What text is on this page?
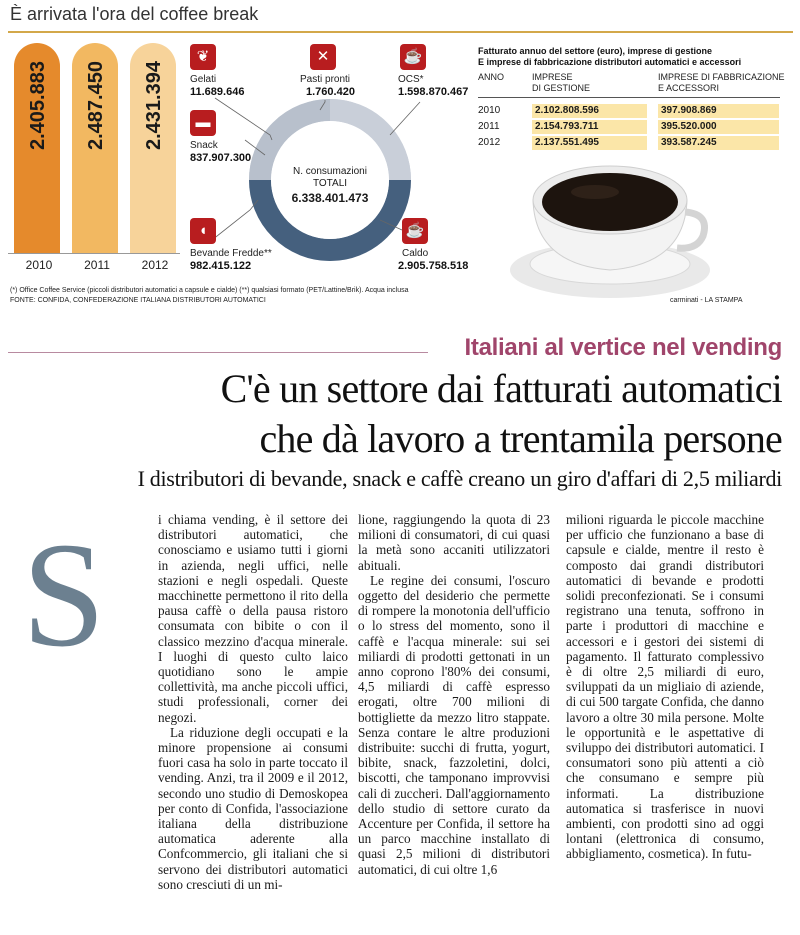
È arrivata l'ora del coffee break
2.405.883 2.487.450 2.431.394
2010	2011	2012
N. consumazioni
TOTALI
6.338.401.473
❦
Gelati
11.689.646
✕
Pasti pronti
1.760.420
☕
OCS*
1.598.870.467
▬
Snack
837.907.300
◖
Bevande Fredde**
982.415.122
☕
Caldo
2.905.758.518
Fatturato annuo del settore (euro), imprese di gestione
E imprese di fabbricazione distributori automatici e accessori
ANNO	IMPRESE
DI GESTIONE
IMPRESE DI FABBRICAZIONE
E ACCESSORI
2010	2.102.808.596	397.908.869
2011	2.154.793.711	395.520.000
2012	2.137.551.495	393.587.245
(*) Office Coffee Service (piccoli distributori automatici a capsule e cialde) (**) qualsiasi formato (PET/Lattine/Brik). Acqua inclusa
FONTE: CONFIDA, CONFEDERAZIONE ITALIANA DISTRIBUTORI AUTOMATICI	carminati - LA STAMPA
Italiani al vertice nel vending
C'è un settore dai fatturati automatici
che dà lavoro a trentamila persone
I distributori di bevande, snack e caffè creano un giro d'affari di 2,5 miliardi
S	i chiama vending, è il settore dei distributori automatici, che conosciamo e usiamo tutti i giorni in azienda, negli uffici, nelle stazioni e negli ospedali. Queste macchinette permettono il rito della pausa caffè o della pausa ristoro consumata con bibite o con il classico mezzino d'acqua minerale. I luoghi di questo culto laico quotidiano sono le ampie collettività, ma anche piccoli uffici, studi professionali, corner dei negozi.

La riduzione degli occupati e la minore propensione ai consumi fuori casa ha solo in parte toccato il vending. Anzi, tra il 2009 e il 2012, secondo uno studio di Demoskopea per conto di Confida, l'associazione italiana della distribuzione automatica aderente alla Confcommercio, gli italiani che si servono dei distributori automatici sono cresciuti di un mi-

lione, raggiungendo la quota di 23 milioni di consumatori, di cui quasi la metà sono accaniti utilizzatori abituali.

Le regine dei consumi, l'oscuro oggetto del desiderio che permette di rompere la monotonia dell'ufficio o lo stress del momento, sono il caffè e l'acqua minerale: sui sei miliardi di prodotti gettonati in un anno coprono l'80% dei consumi, 4,5 miliardi di caffè espresso erogati, oltre 700 milioni di bottigliette da mezzo litro stappate. Senza contare le altre produzioni distribuite: succhi di frutta, yogurt, bibite, snack, fazzoletini, dolci, biscotti, che tamponano improvvisi cali di zuccheri. Dall'aggiornamento dello studio di settore curato da Accenture per Confida, il settore ha un parco macchine installato di quasi 2,5 milioni di distributori automatici, di cui oltre 1,6

milioni riguarda le piccole macchine per ufficio che funzionano a base di capsule e cialde, mentre il resto è composto dai grandi distributori automatici di bevande e prodotti solidi preconfezionati. Se i consumi registrano una tenuta, soffrono in parte i produttori di macchine e accessori e i gestori dei sistemi di pagamento. Il fatturato complessivo è di oltre 2,5 miliardi di euro, sviluppati da un migliaio di aziende, di cui 500 targate Confida, che danno lavoro a oltre 30 mila persone. Molte le opportunità e le aspettative di sviluppo dei distributori automatici. I consumatori sono più attenti a ciò che consumano e sempre più informati. La distribuzione automatica si trasferisce in nuovi ambienti, con prodotti sino ad oggi lontani (elettronica di consumo, abbigliamento, cosmetica). In futu-
